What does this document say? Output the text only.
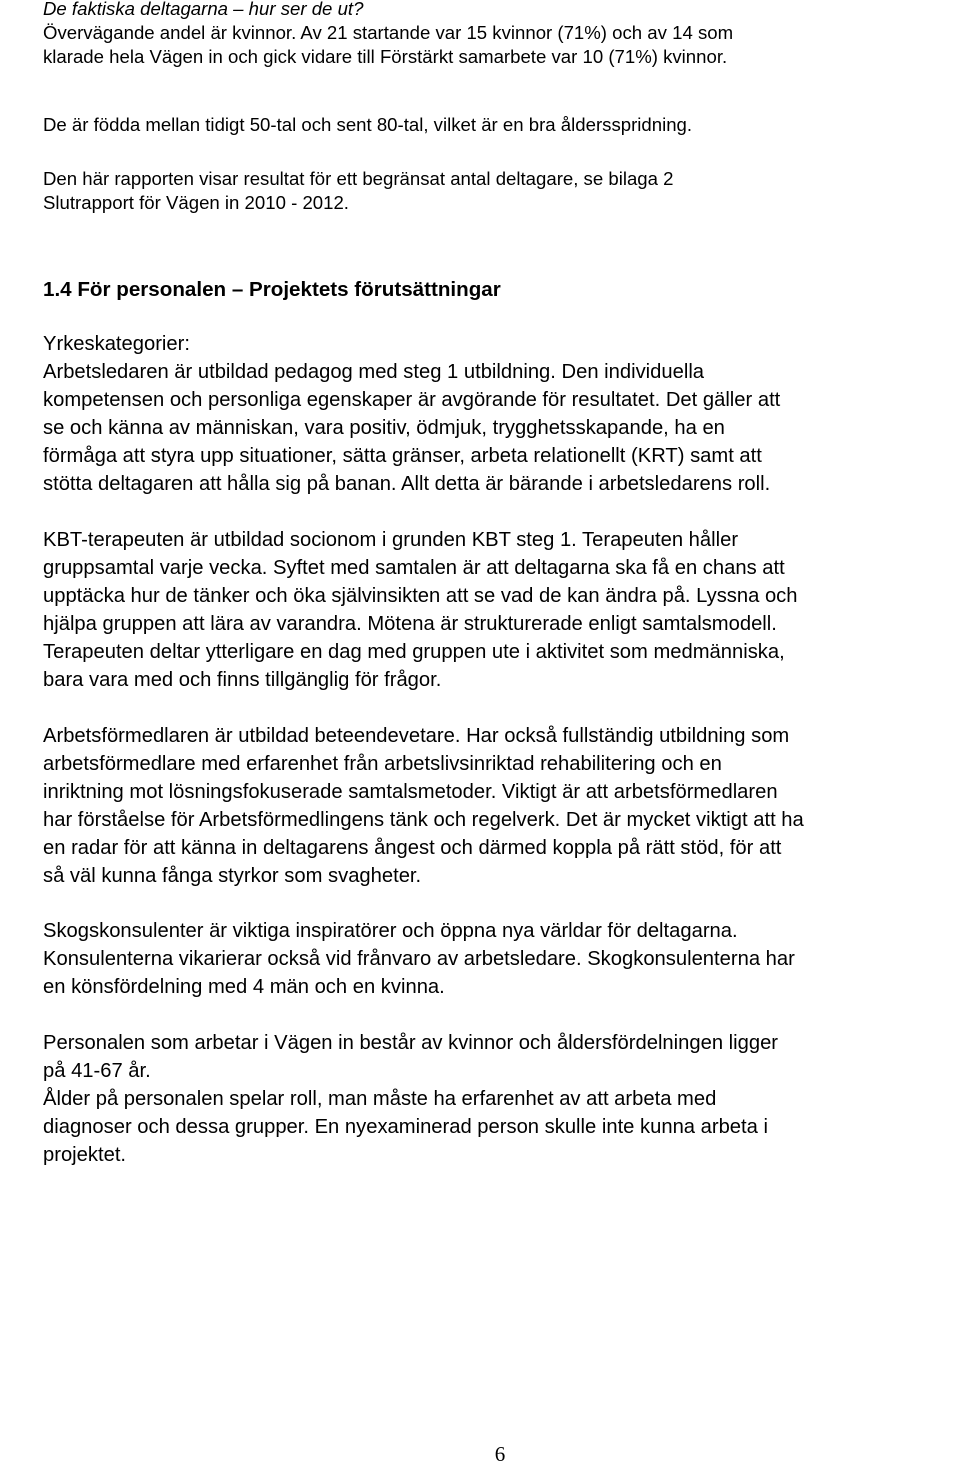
De faktiska deltagarna – hur ser de ut?
Övervägande andel är kvinnor. Av 21 startande var 15 kvinnor (71%) och av 14 som
klarade hela Vägen in och gick vidare till Förstärkt samarbete var 10 (71%) kvinnor.
De är födda mellan tidigt 50-tal och sent 80-tal, vilket är en bra åldersspridning.
Den här rapporten visar resultat för ett begränsat antal deltagare, se bilaga 2
Slutrapport för Vägen in 2010 - 2012.
1.4 För personalen – Projektets förutsättningar
Yrkeskategorier:
Arbetsledaren är utbildad pedagog med steg 1 utbildning. Den individuella
kompetensen och personliga egenskaper är avgörande för resultatet. Det gäller att
se och känna av människan, vara positiv, ödmjuk, trygghetsskapande, ha en
förmåga att styra upp situationer, sätta gränser, arbeta relationellt (KRT) samt att
stötta deltagaren att hålla sig på banan. Allt detta är bärande i arbetsledarens roll.
KBT-terapeuten är utbildad socionom i grunden KBT steg 1. Terapeuten håller
gruppsamtal varje vecka. Syftet med samtalen är att deltagarna ska få en chans att
upptäcka hur de tänker och öka självinsikten att se vad de kan ändra på. Lyssna och
hjälpa gruppen att lära av varandra. Mötena är strukturerade enligt samtalsmodell.
Terapeuten deltar ytterligare en dag med gruppen ute i aktivitet som medmänniska,
bara vara med och finns tillgänglig för frågor.
Arbetsförmedlaren är utbildad beteendevetare. Har också fullständig utbildning som
arbetsförmedlare med erfarenhet från arbetslivsinriktad rehabilitering och en
inriktning mot lösningsfokuserade samtalsmetoder. Viktigt är att arbetsförmedlaren
har förståelse för Arbetsförmedlingens tänk och regelverk. Det är mycket viktigt att ha
en radar för att känna in deltagarens ångest och därmed koppla på rätt stöd, för att
så väl kunna fånga styrkor som svagheter.
Skogskonsulenter är viktiga inspiratörer och öppna nya världar för deltagarna.
Konsulenterna vikarierar också vid frånvaro av arbetsledare. Skogkonsulenterna har
en könsfördelning med 4 män och en kvinna.
Personalen som arbetar i Vägen in består av kvinnor och åldersfördelningen ligger
på 41-67 år.
Ålder på personalen spelar roll, man måste ha erfarenhet av att arbeta med
diagnoser och dessa grupper. En nyexaminerad person skulle inte kunna arbeta i
projektet.
6
